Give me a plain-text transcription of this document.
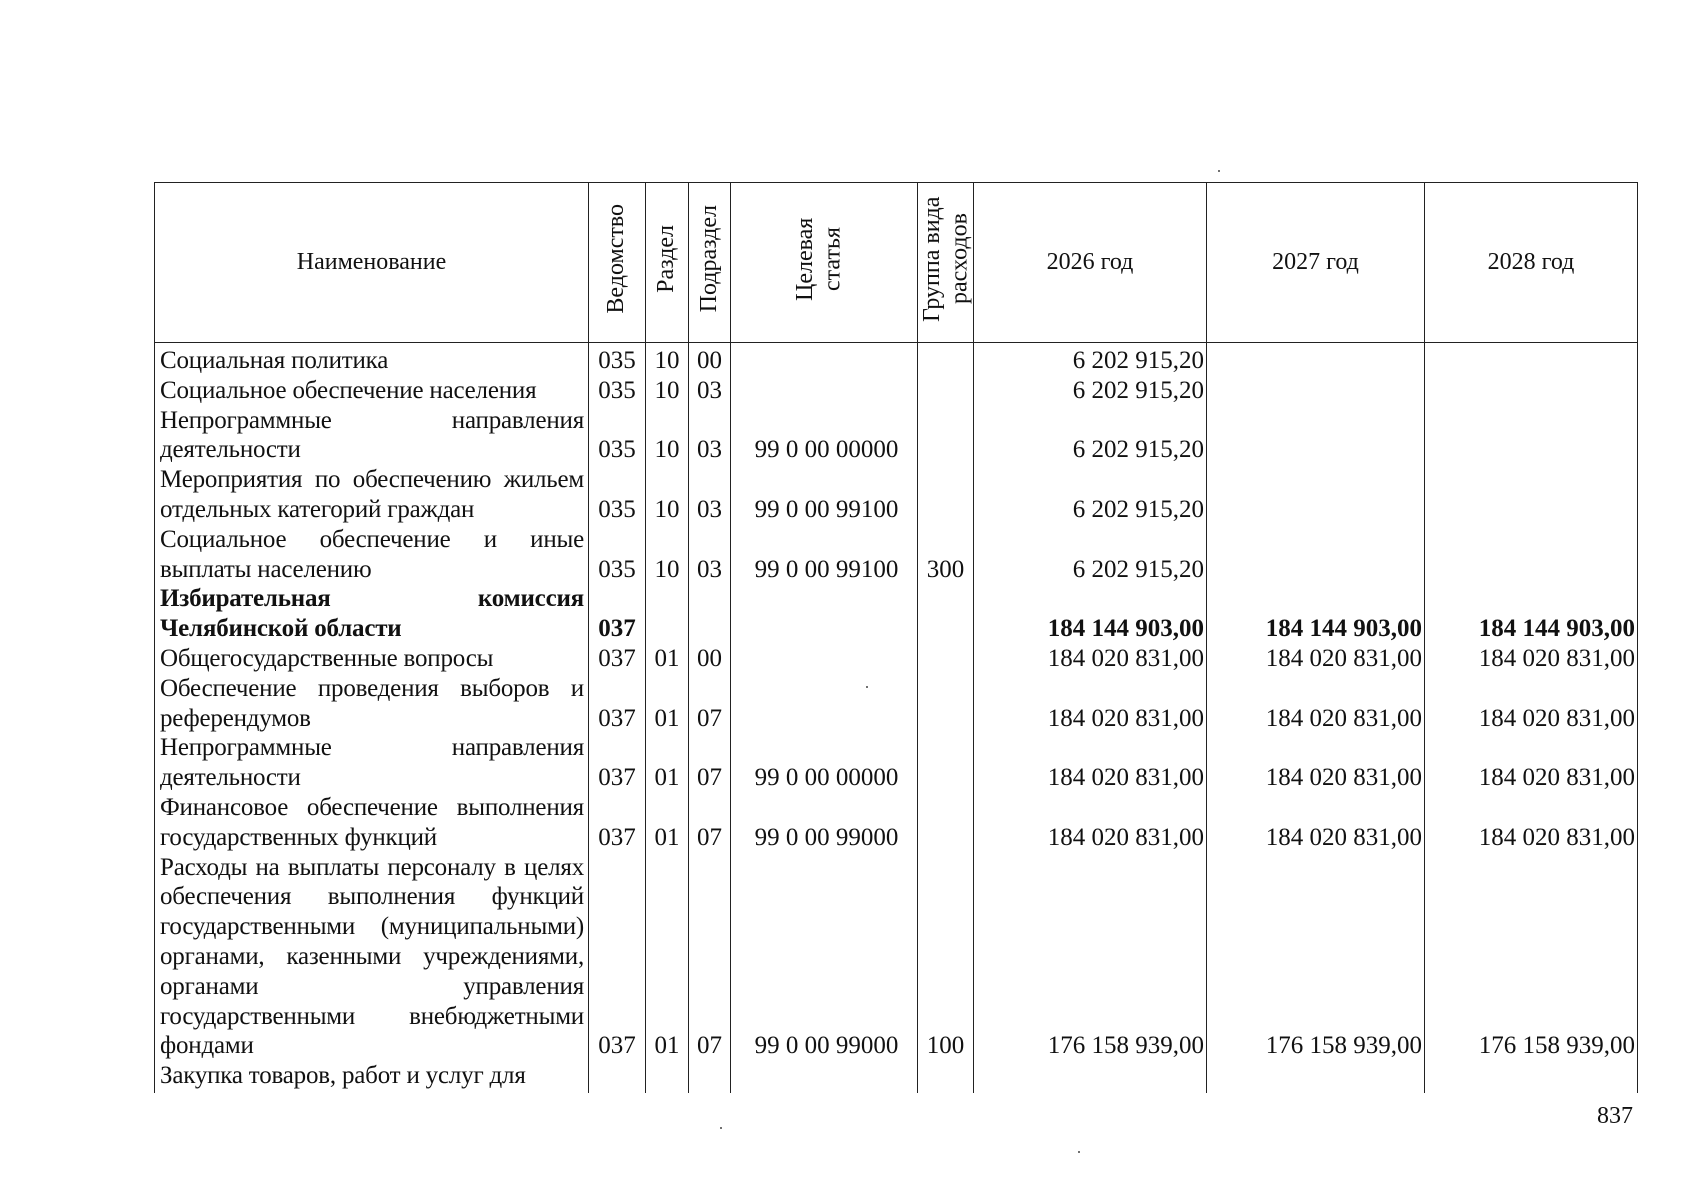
Наименование	Ведомство	Раздел	Подраздел	Целевая статья	Группа вида расходов	2026 год	2027 год	2028 год
Социальная политика	035	10	00			6 202 915,20		
Социальное обеспечение населения	035	10	03			6 202 915,20		
Непрограммные направления деятельности	035	10	03	99 0 00 00000		6 202 915,20		
Мероприятия по обеспечению жильем отдельных категорий граждан	035	10	03	99 0 00 99100		6 202 915,20		
Социальное обеспечение и иные выплаты населению	035	10	03	99 0 00 99100	300	6 202 915,20		
Избирательная комиссия Челябинской области	037					184 144 903,00	184 144 903,00	184 144 903,00
Общегосударственные вопросы	037	01	00			184 020 831,00	184 020 831,00	184 020 831,00
Обеспечение проведения выборов и референдумов	037	01	07			184 020 831,00	184 020 831,00	184 020 831,00
Непрограммные направления деятельности	037	01	07	99 0 00 00000		184 020 831,00	184 020 831,00	184 020 831,00
Финансовое обеспечение выполнения государственных функций	037	01	07	99 0 00 99000		184 020 831,00	184 020 831,00	184 020 831,00
Расходы на выплаты персоналу в целях обеспечения выполнения функций государственными (муниципальными) органами, казенными учреждениями, органами управления государственными внебюджетными фондами	037	01	07	99 0 00 99000	100	176 158 939,00	176 158 939,00	176 158 939,00
Закупка товаров, работ и услуг для								
837
